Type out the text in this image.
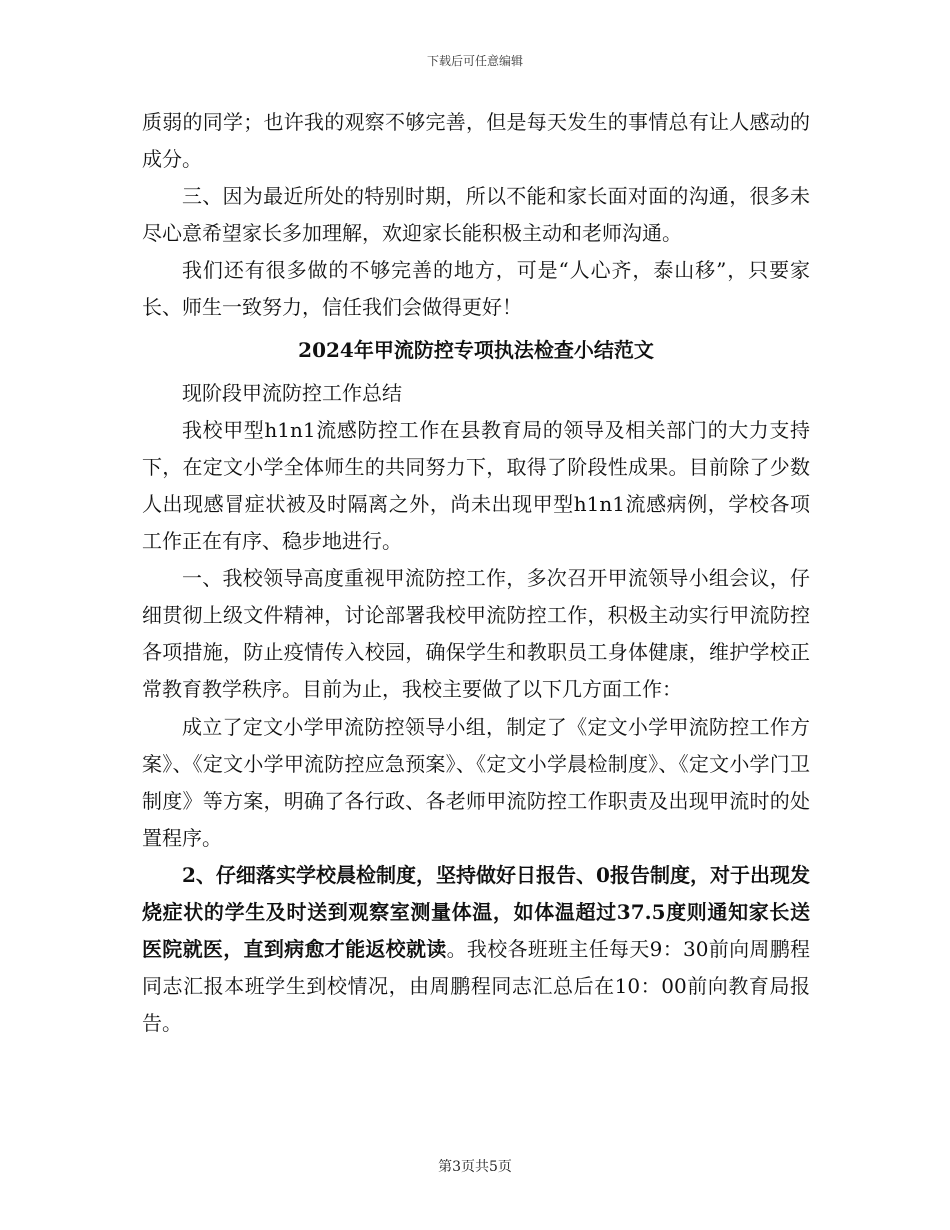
下载后可任意编辑

质弱的同学；也许我的观察不够完善，但是每天发生的事情总有让人感动的成分。

三、因为最近所处的特别时期，所以不能和家长面对面的沟通，很多未尽心意希望家长多加理解，欢迎家长能积极主动和老师沟通。

我们还有很多做的不够完善的地方，可是“人心齐，泰山移”，只要家长、师生一致努力，信任我们会做得更好！

2024年甲流防控专项执法检查小结范文

现阶段甲流防控工作总结

我校甲型h1n1流感防控工作在县教育局的领导及相关部门的大力支持下，在定文小学全体师生的共同努力下，取得了阶段性成果。目前除了少数人出现感冒症状被及时隔离之外，尚未出现甲型h1n1流感病例，学校各项工作正在有序、稳步地进行。

一、我校领导高度重视甲流防控工作，多次召开甲流领导小组会议，仔细贯彻上级文件精神，讨论部署我校甲流防控工作，积极主动实行甲流防控各项措施，防止疫情传入校园，确保学生和教职员工身体健康，维护学校正常教育教学秩序。目前为止，我校主要做了以下几方面工作：

成立了定文小学甲流防控领导小组，制定了《定文小学甲流防控工作方案》、《定文小学甲流防控应急预案》、《定文小学晨检制度》、《定文小学门卫制度》等方案，明确了各行政、各老师甲流防控工作职责及出现甲流时的处置程序。

2、仔细落实学校晨检制度，坚持做好日报告、0报告制度，对于出现发烧症状的学生及时送到观察室测量体温，如体温超过37.5度则通知家长送医院就医，直到病愈才能返校就读。我校各班班主任每天9：30前向周鹏程同志汇报本班学生到校情况，由周鹏程同志汇总后在10：00前向教育局报告。

第3页共5页
